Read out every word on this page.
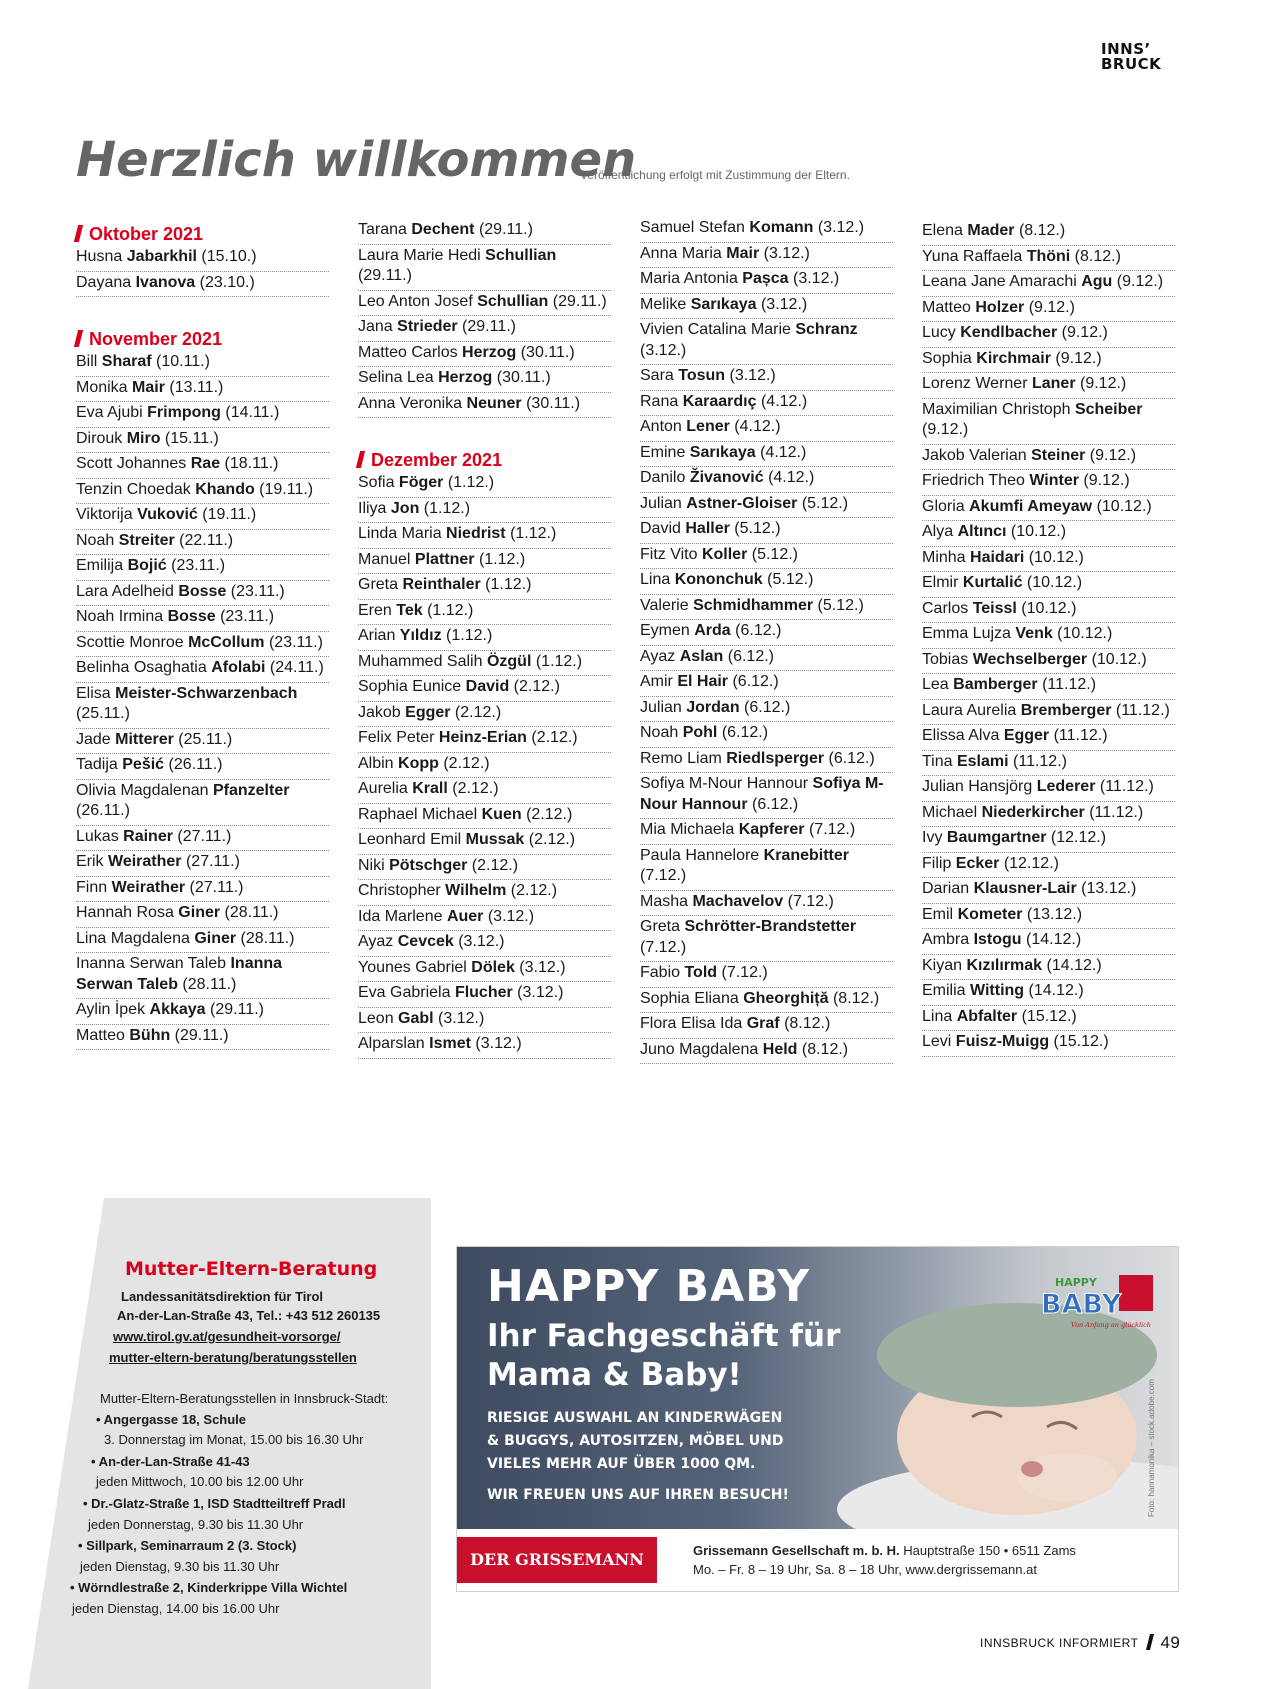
INNS’
BRUCK
Herzlich willkommen
Veröffentlichung erfolgt mit Zustimmung der Eltern.
Oktober 2021
Husna Jabarkhil (15.10.)
Dayana Ivanova (23.10.)
November 2021
Bill Sharaf (10.11.)
Monika Mair (13.11.)
Eva Ajubi Frimpong (14.11.)
Dirouk Miro (15.11.)
Scott Johannes Rae (18.11.)
Tenzin Choedak Khando (19.11.)
Viktorija Vuković (19.11.)
Noah Streiter (22.11.)
Emilija Bojić (23.11.)
Lara Adelheid Bosse (23.11.)
Noah Irmina Bosse (23.11.)
Scottie Monroe McCollum (23.11.)
Belinha Osaghatia Afolabi (24.11.)
Elisa Meister-Schwarzenbach (25.11.)
Jade Mitterer (25.11.)
Tadija Pešić (26.11.)
Olivia Magdalenan Pfanzelter (26.11.)
Lukas Rainer (27.11.)
Erik Weirather (27.11.)
Finn Weirather (27.11.)
Hannah Rosa Giner (28.11.)
Lina Magdalena Giner (28.11.)
Inanna Serwan Taleb Inanna Serwan Taleb (28.11.)
Aylin İpek Akkaya (29.11.)
Matteo Bühn (29.11.)
Tarana Dechent (29.11.)
Laura Marie Hedi Schullian (29.11.)
Leo Anton Josef Schullian (29.11.)
Jana Strieder (29.11.)
Matteo Carlos Herzog (30.11.)
Selina Lea Herzog (30.11.)
Anna Veronika Neuner (30.11.)
Dezember 2021
Sofia Föger (1.12.)
Iliya Jon (1.12.)
Linda Maria Niedrist (1.12.)
Manuel Plattner (1.12.)
Greta Reinthaler (1.12.)
Eren Tek (1.12.)
Arian Yıldız (1.12.)
Muhammed Salih Özgül (1.12.)
Sophia Eunice David (2.12.)
Jakob Egger (2.12.)
Felix Peter Heinz-Erian (2.12.)
Albin Kopp (2.12.)
Aurelia Krall (2.12.)
Raphael Michael Kuen (2.12.)
Leonhard Emil Mussak (2.12.)
Niki Pötschger (2.12.)
Christopher Wilhelm (2.12.)
Ida Marlene Auer (3.12.)
Ayaz Cevcek (3.12.)
Younes Gabriel Dölek (3.12.)
Eva Gabriela Flucher (3.12.)
Leon Gabl (3.12.)
Alparslan Ismet (3.12.)
Samuel Stefan Komann (3.12.)
Anna Maria Mair (3.12.)
Maria Antonia Pașca (3.12.)
Melike Sarıkaya (3.12.)
Vivien Catalina Marie Schranz (3.12.)
Sara Tosun (3.12.)
Rana Karaardıç (4.12.)
Anton Lener (4.12.)
Emine Sarıkaya (4.12.)
Danilo Živanović (4.12.)
Julian Astner-Gloiser (5.12.)
David Haller (5.12.)
Fitz Vito Koller (5.12.)
Lina Kononchuk (5.12.)
Valerie Schmidhammer (5.12.)
Eymen Arda (6.12.)
Ayaz Aslan (6.12.)
Amir El Hair (6.12.)
Julian Jordan (6.12.)
Noah Pohl (6.12.)
Remo Liam Riedlsperger (6.12.)
Sofiya M-Nour Hannour Sofiya M-Nour Hannour (6.12.)
Mia Michaela Kapferer (7.12.)
Paula Hannelore Kranebitter (7.12.)
Masha Machavelov (7.12.)
Greta Schrötter-Brandstetter (7.12.)
Fabio Told (7.12.)
Sophia Eliana Gheorghiță (8.12.)
Flora Elisa Ida Graf (8.12.)
Juno Magdalena Held (8.12.)
Elena Mader (8.12.)
Yuna Raffaela Thöni (8.12.)
Leana Jane Amarachi Agu (9.12.)
Matteo Holzer (9.12.)
Lucy Kendlbacher (9.12.)
Sophia Kirchmair (9.12.)
Lorenz Werner Laner (9.12.)
Maximilian Christoph Scheiber (9.12.)
Jakob Valerian Steiner (9.12.)
Friedrich Theo Winter (9.12.)
Gloria Akumfi Ameyaw (10.12.)
Alya Altıncı (10.12.)
Minha Haidari (10.12.)
Elmir Kurtalić (10.12.)
Carlos Teissl (10.12.)
Emma Lujza Venk (10.12.)
Tobias Wechselberger (10.12.)
Lea Bamberger (11.12.)
Laura Aurelia Bremberger (11.12.)
Elissa Alva Egger (11.12.)
Tina Eslami (11.12.)
Julian Hansjörg Lederer (11.12.)
Michael Niederkircher (11.12.)
Ivy Baumgartner (12.12.)
Filip Ecker (12.12.)
Darian Klausner-Lair (13.12.)
Emil Kometer (13.12.)
Ambra Istogu (14.12.)
Kiyan Kızılırmak (14.12.)
Emilia Witting (14.12.)
Lina Abfalter (15.12.)
Levi Fuisz-Muigg (15.12.)
Mutter-Eltern-Beratung
Landessanitätsdirektion für Tirol
An-der-Lan-Straße 43, Tel.: +43 512 260135
www.tirol.gv.at/gesundheit-vorsorge/
mutter-eltern-beratung/beratungsstellen
Mutter-Eltern-Beratungsstellen in Innsbruck-Stadt:
• Angergasse 18, Schule
3. Donnerstag im Monat, 15.00 bis 16.30 Uhr
• An-der-Lan-Straße 41-43
jeden Mittwoch, 10.00 bis 12.00 Uhr
• Dr.-Glatz-Straße 1, ISD Stadtteiltreff Pradl
jeden Donnerstag, 9.30 bis 11.30 Uhr
• Sillpark, Seminarraum 2 (3. Stock)
jeden Dienstag, 9.30 bis 11.30 Uhr
• Wörndlestraße 2, Kinderkrippe Villa Wichtel
jeden Dienstag, 14.00 bis 16.00 Uhr
HAPPY BABY
Ihr Fachgeschäft für
Mama & Baby!
RIESIGE AUSWAHL AN KINDERWÄGEN
& BUGGYS, AUTOSITZEN, MÖBEL UND
VIELES MEHR AUF ÜBER 1000 QM.
WIR FREUEN UNS AUF IHREN BESUCH!
HAPPY
BABY
Von Anfang an glücklich
Foto: hannamonika – stock.adobe.com
DER GRISSEMANN	Grissemann Gesellschaft m. b. H. Hauptstraße 150 • 6511 Zams
Mo. – Fr. 8 – 19 Uhr, Sa. 8 – 18 Uhr, www.dergrissemann.at
INNSBRUCK INFORMIERT 49
